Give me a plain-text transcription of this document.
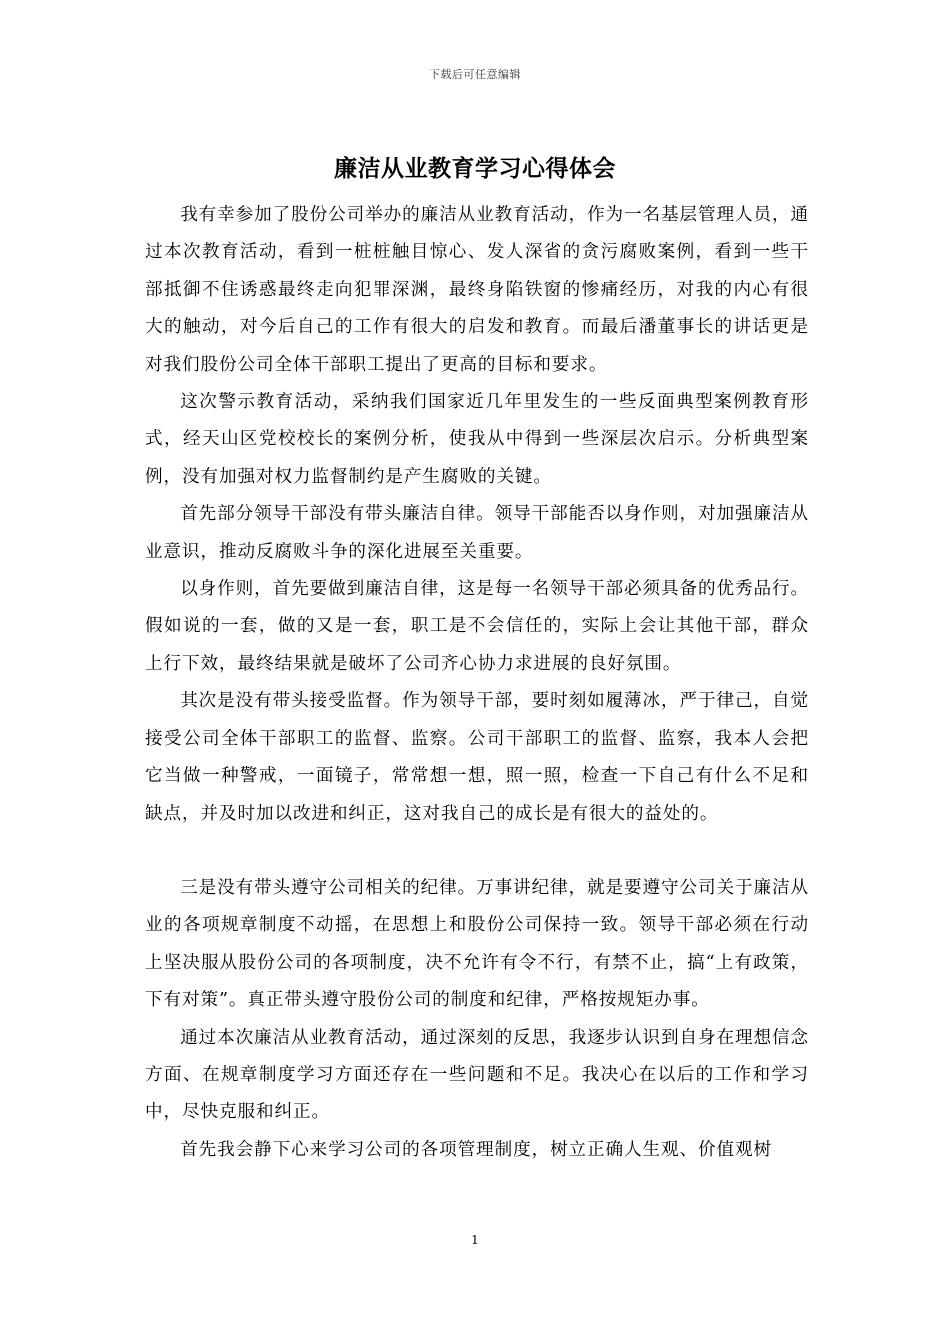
下载后可任意编辑
廉洁从业教育学习心得体会

我有幸参加了股份公司举办的廉洁从业教育活动，作为一名基层管理人员，通过本次教育活动，看到一桩桩触目惊心、发人深省的贪污腐败案例，看到一些干部抵御不住诱惑最终走向犯罪深渊，最终身陷铁窗的惨痛经历，对我的内心有很大的触动，对今后自己的工作有很大的启发和教育。而最后潘董事长的讲话更是对我们股份公司全体干部职工提出了更高的目标和要求。

这次警示教育活动，采纳我们国家近几年里发生的一些反面典型案例教育形式，经天山区党校校长的案例分析，使我从中得到一些深层次启示。分析典型案例，没有加强对权力监督制约是产生腐败的关键。

首先部分领导干部没有带头廉洁自律。领导干部能否以身作则，对加强廉洁从业意识，推动反腐败斗争的深化进展至关重要。

以身作则，首先要做到廉洁自律，这是每一名领导干部必须具备的优秀品行。假如说的一套，做的又是一套，职工是不会信任的，实际上会让其他干部，群众上行下效，最终结果就是破坏了公司齐心协力求进展的良好氛围。

其次是没有带头接受监督。作为领导干部，要时刻如履薄冰，严于律己，自觉接受公司全体干部职工的监督、监察。公司干部职工的监督、监察，我本人会把它当做一种警戒，一面镜子，常常想一想，照一照，检查一下自己有什么不足和缺点，并及时加以改进和纠正，这对我自己的成长是有很大的益处的。

三是没有带头遵守公司相关的纪律。万事讲纪律，就是要遵守公司关于廉洁从业的各项规章制度不动摇，在思想上和股份公司保持一致。领导干部必须在行动上坚决服从股份公司的各项制度，决不允许有令不行，有禁不止，搞“上有政策，下有对策”。真正带头遵守股份公司的制度和纪律，严格按规矩办事。

通过本次廉洁从业教育活动，通过深刻的反思，我逐步认识到自身在理想信念方面、在规章制度学习方面还存在一些问题和不足。我决心在以后的工作和学习中，尽快克服和纠正。

首先我会静下心来学习公司的各项管理制度，树立正确人生观、价值观树

1
